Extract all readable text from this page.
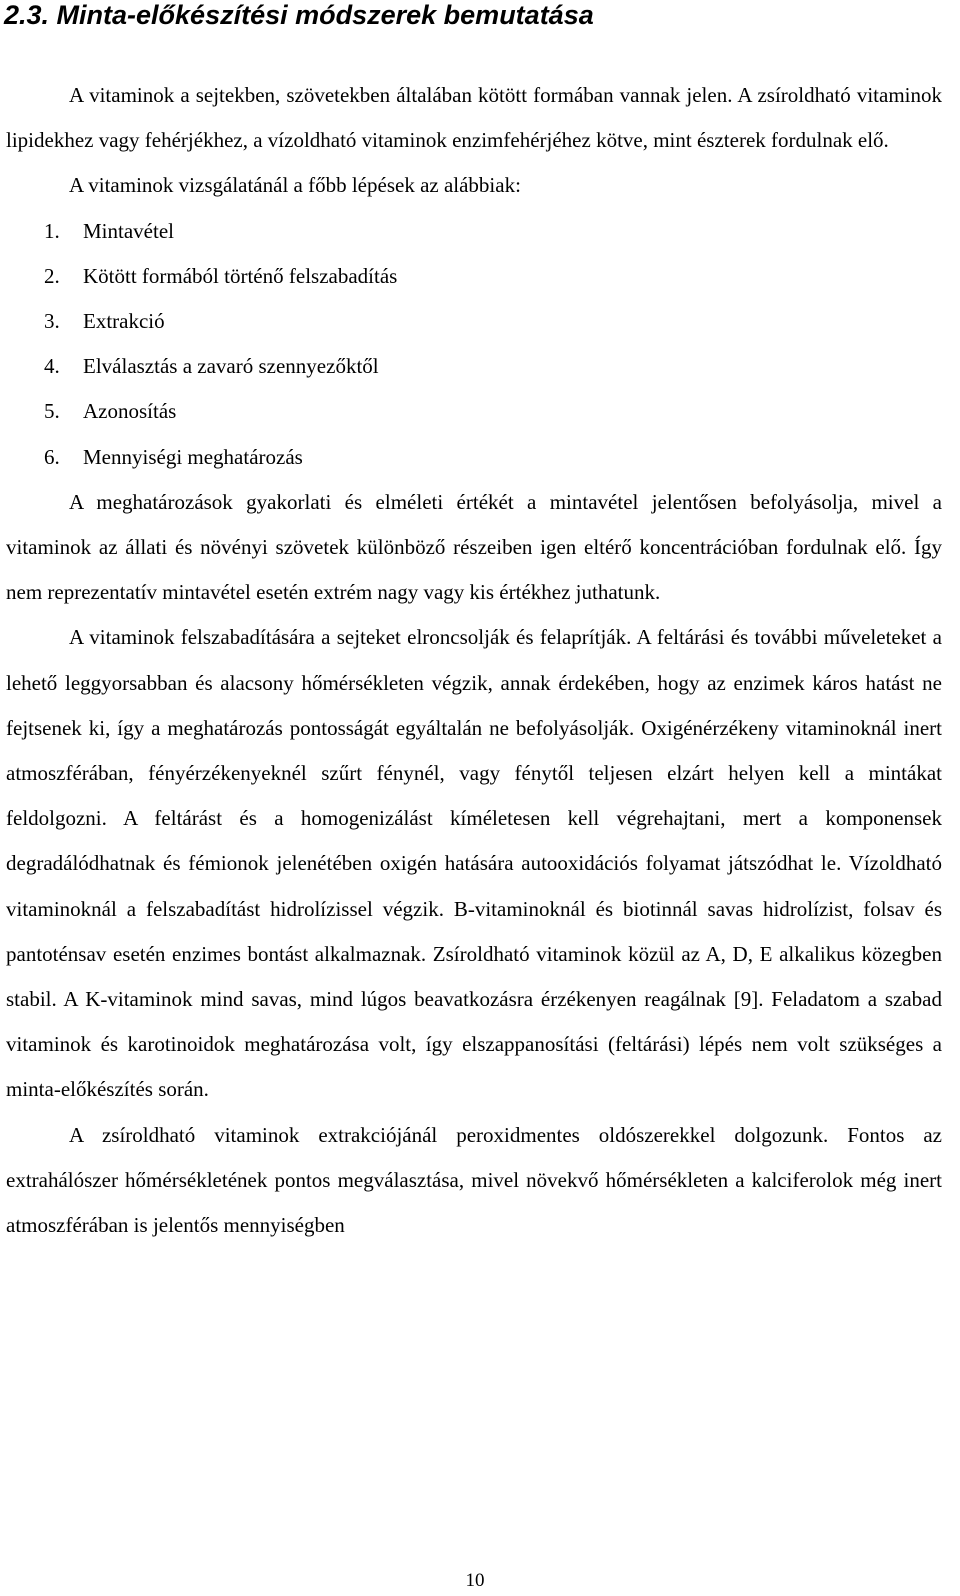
2.3. Minta-előkészítési módszerek bemutatása

A vitaminok a sejtekben, szövetekben általában kötött formában vannak jelen. A zsíroldható vitaminok lipidekhez vagy fehérjékhez, a vízoldható vitaminok enzimfehérjéhez kötve, mint észterek fordulnak elő.

A vitaminok vizsgálatánál a főbb lépések az alábbiak:

1. Mintavétel
2. Kötött formából történő felszabadítás
3. Extrakció
4. Elválasztás a zavaró szennyezőktől
5. Azonosítás
6. Mennyiségi meghatározás

A meghatározások gyakorlati és elméleti értékét a mintavétel jelentősen befolyásolja, mivel a vitaminok az állati és növényi szövetek különböző részeiben igen eltérő koncentrációban fordulnak elő. Így nem reprezentatív mintavétel esetén extrém nagy vagy kis értékhez juthatunk.

A vitaminok felszabadítására a sejteket elroncsolják és felaprítják. A feltárási és további műveleteket a lehető leggyorsabban és alacsony hőmérsékleten végzik, annak érdekében, hogy az enzimek káros hatást ne fejtsenek ki, így a meghatározás pontosságát egyáltalán ne befolyásolják. Oxigénérzékeny vitaminoknál inert atmoszférában, fényérzékenyeknél szűrt fénynél, vagy fénytől teljesen elzárt helyen kell a mintákat feldolgozni. A feltárást és a homogenizálást kíméletesen kell végrehajtani, mert a komponensek degradálódhatnak és fémionok jelenétében oxigén hatására autooxidációs folyamat játszódhat le. Vízoldható vitaminoknál a felszabadítást hidrolízissel végzik. B-vitaminoknál és biotinnál savas hidrolízist, folsav és pantoténsav esetén enzimes bontást alkalmaznak. Zsíroldható vitaminok közül az A, D, E alkalikus közegben stabil. A K-vitaminok mind savas, mind lúgos beavatkozásra érzékenyen reagálnak [9]. Feladatom a szabad vitaminok és karotinoidok meghatározása volt, így elszappanosítási (feltárási) lépés nem volt szükséges a minta-előkészítés során.

A zsíroldható vitaminok extrakciójánál peroxidmentes oldószerekkel dolgozunk. Fontos az extrahálószer hőmérsékletének pontos megválasztása, mivel növekvő hőmérsékleten a kalciferolok még inert atmoszférában is jelentős mennyiségben

10
